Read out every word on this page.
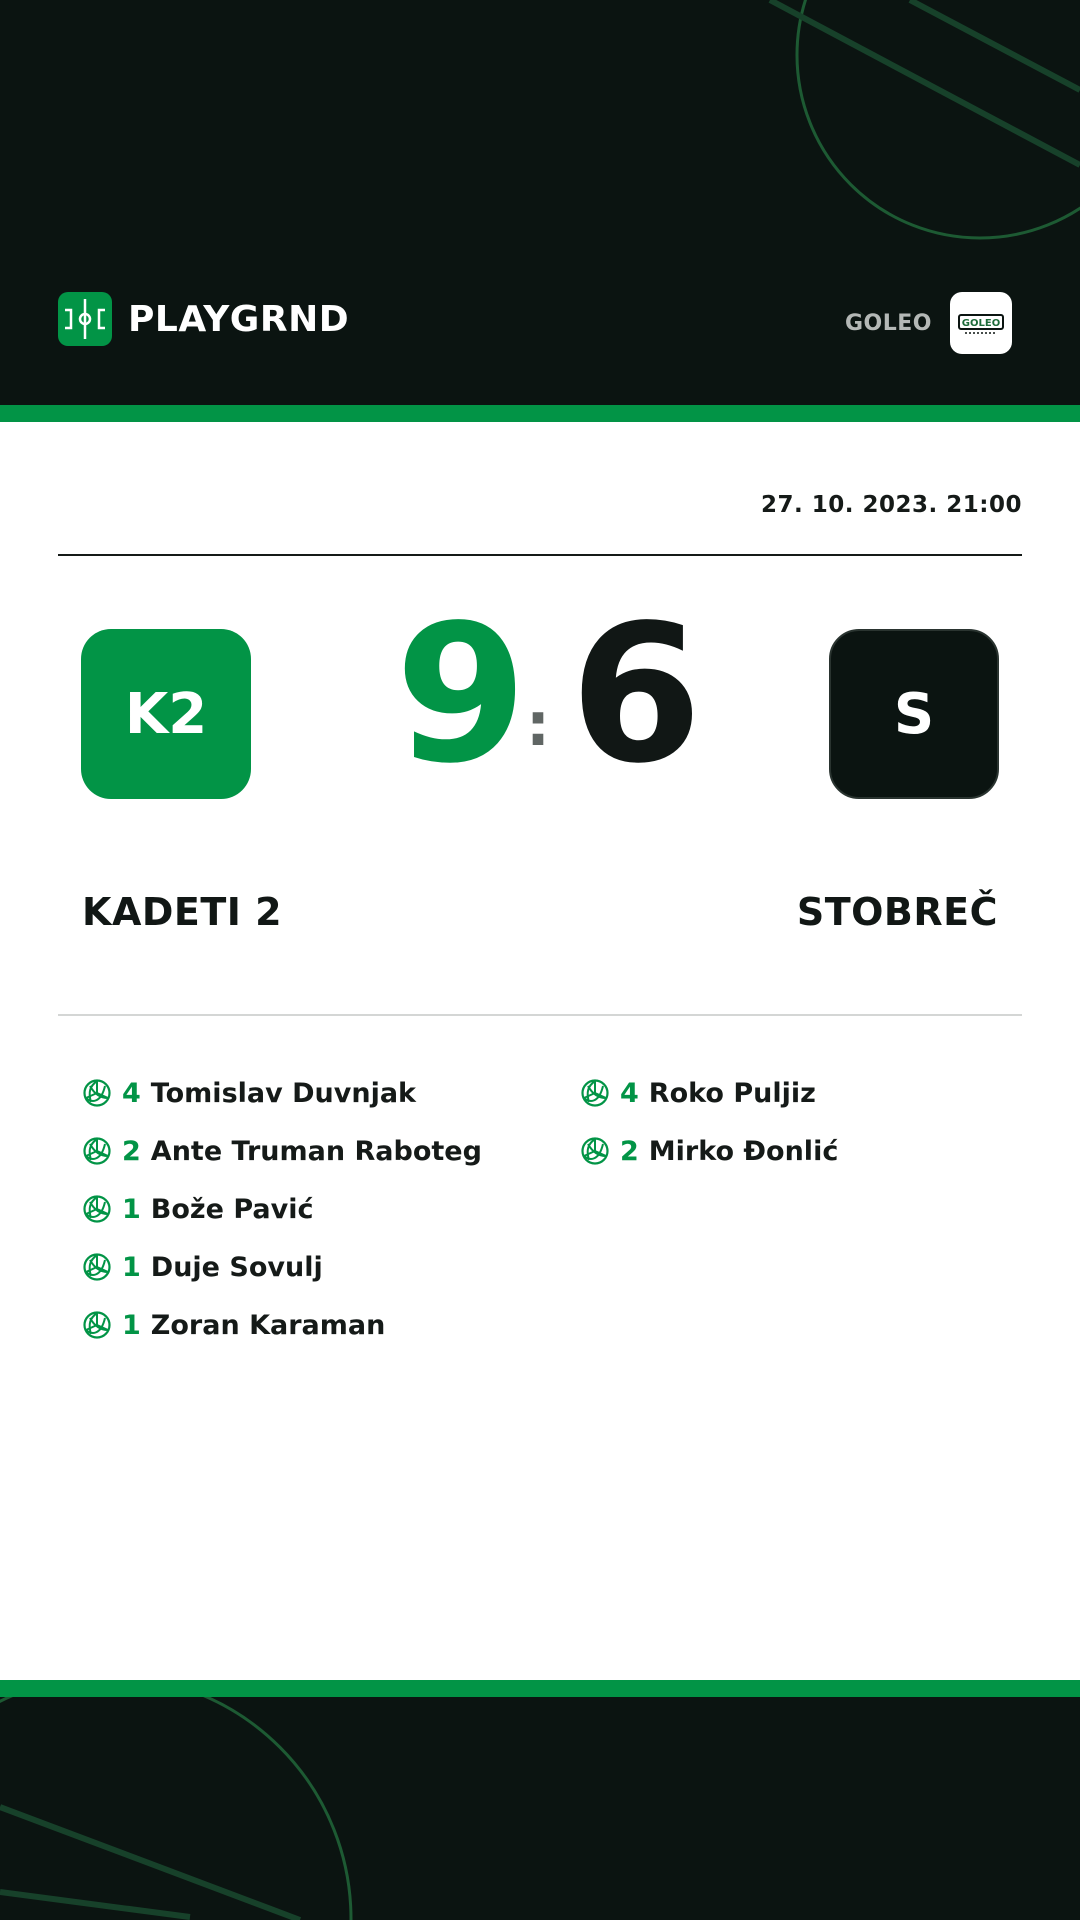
PLAYGRND	GOLEO	GOLEO
27. 10. 2023. 21:00
K2 9
: 6	S
KADETI 2	STOBREČ
4 Tomislav Duvnjak
2 Ante Truman Raboteg
1 Bože Pavić
1 Duje Sovulj
1 Zoran Karaman
4 Roko Puljiz
2 Mirko Đonlić
